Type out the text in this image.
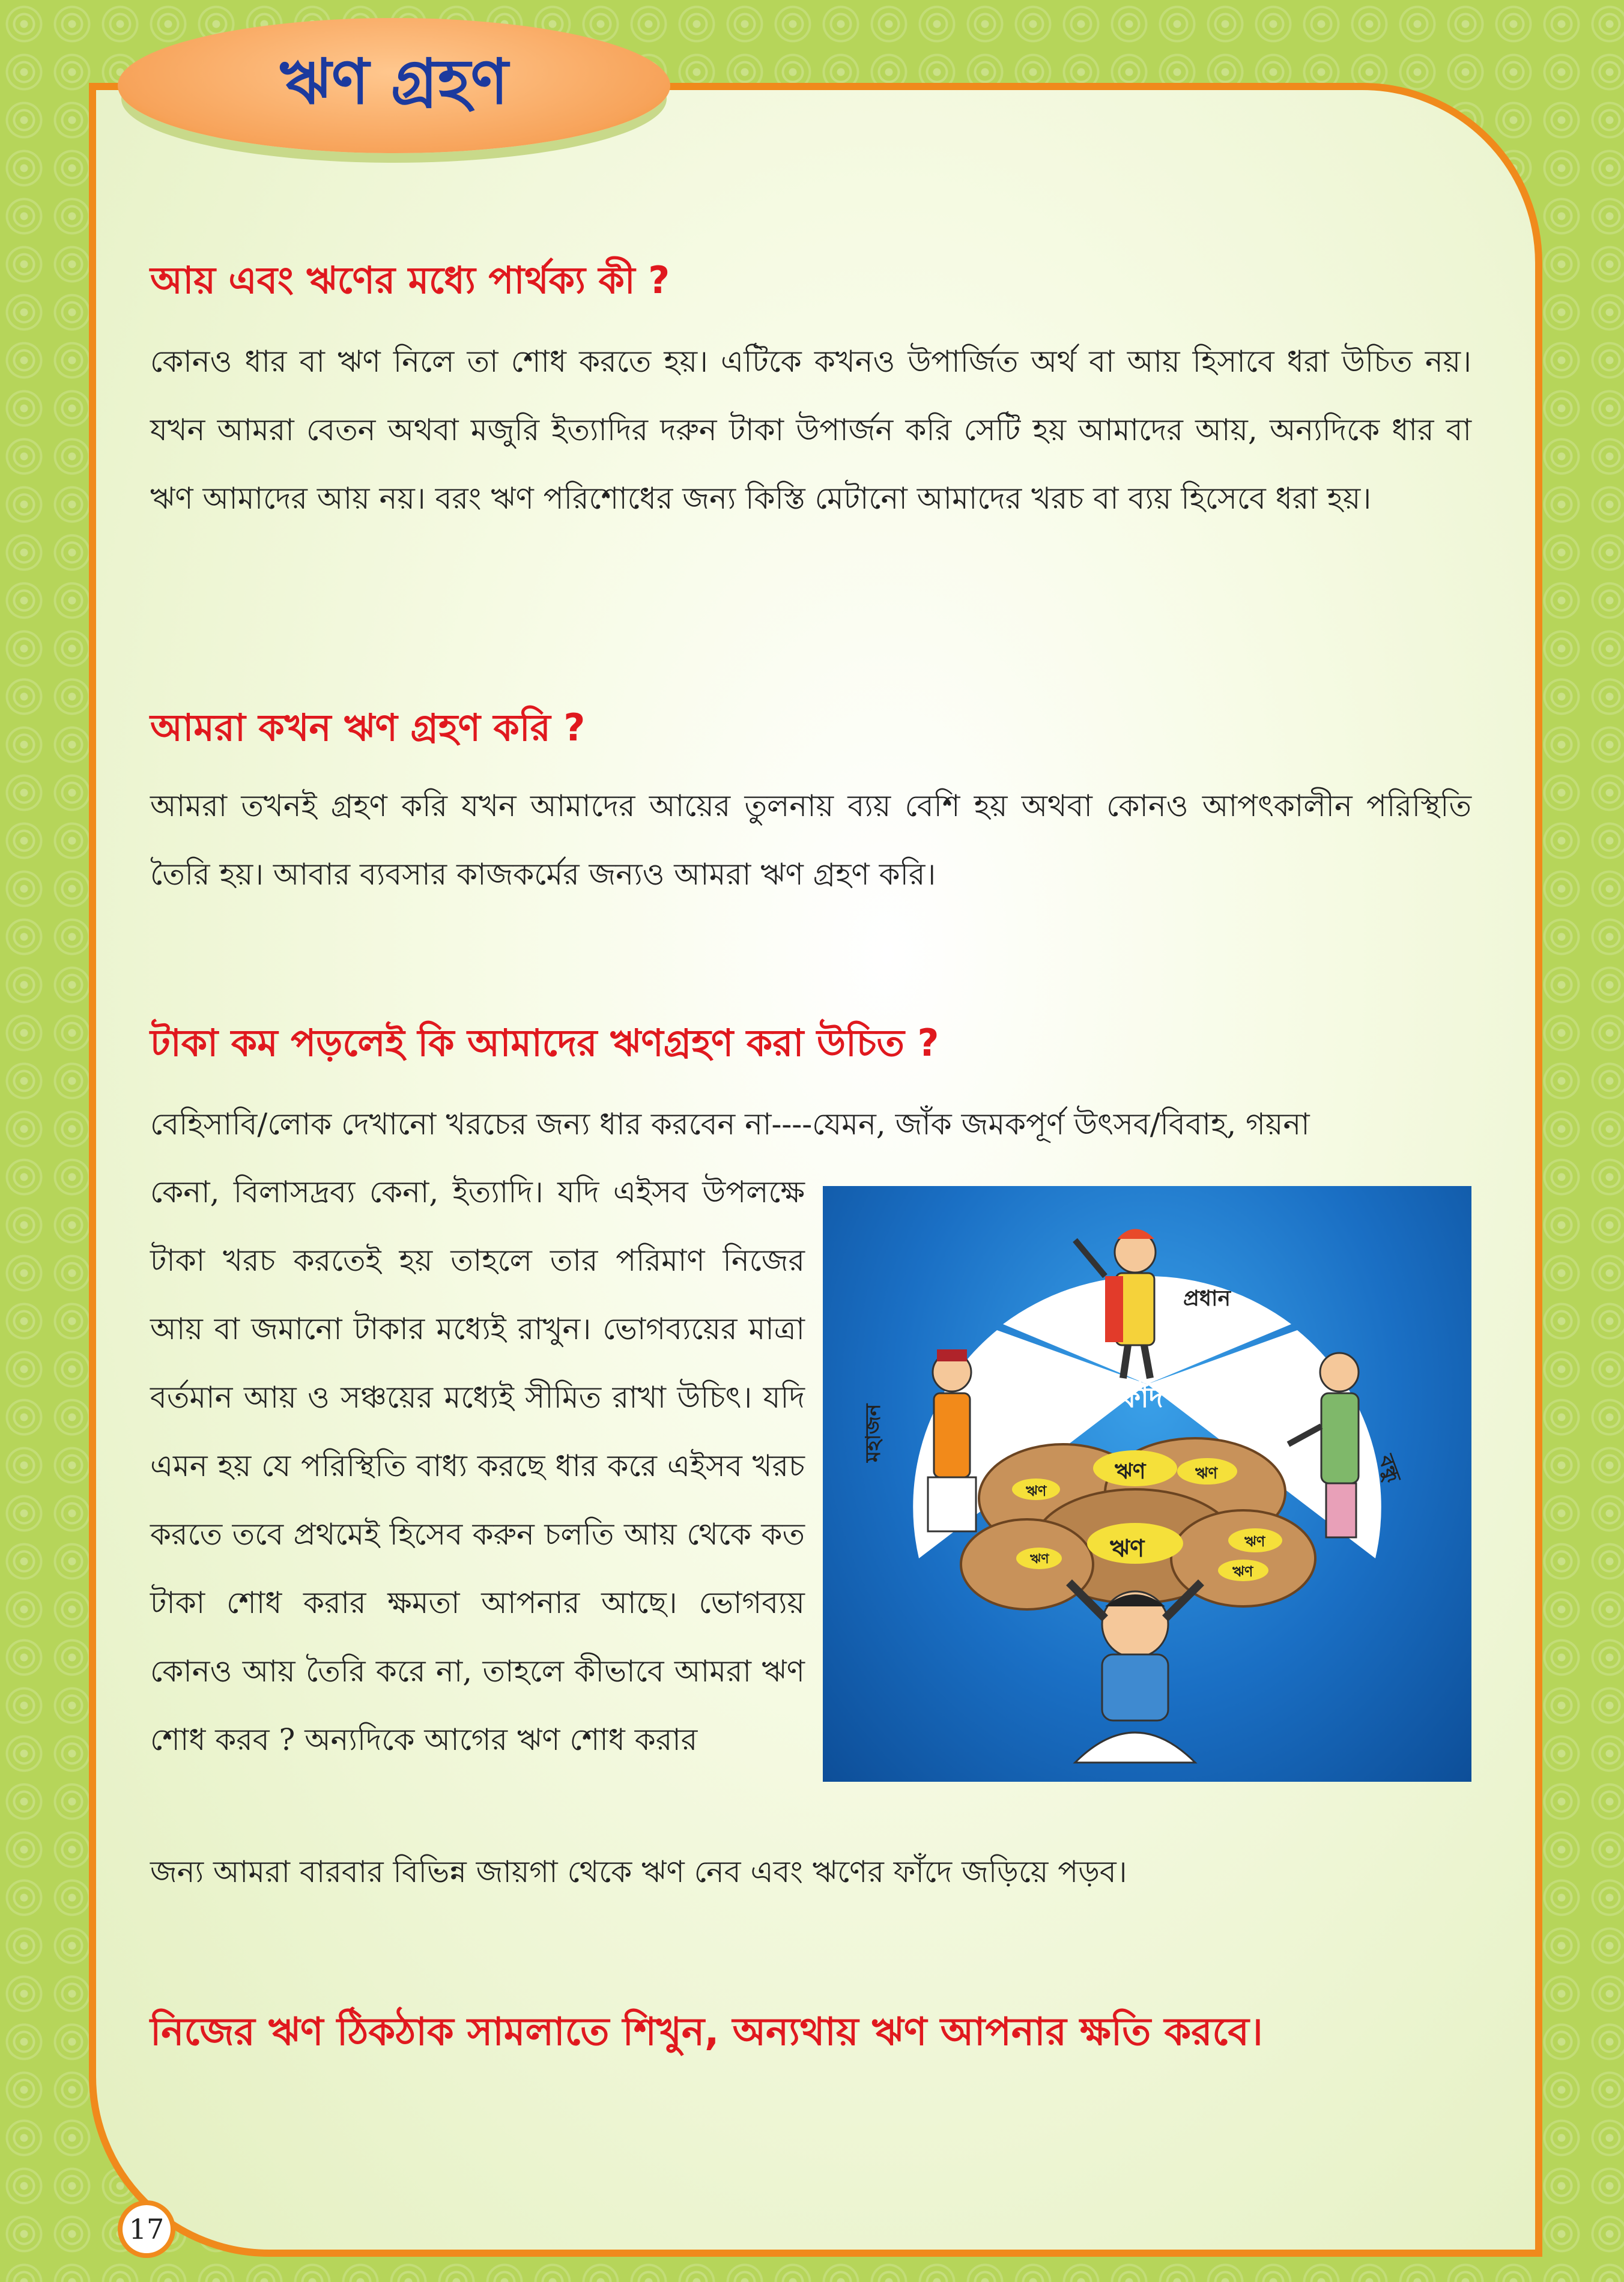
ঋণ গ্রহণ
আয় এবং ঋণের মধ্যে পার্থক্য কী ?

কোনও ধার বা ঋণ নিলে তা শোধ করতে হয়। এটিকে কখনও উপার্জিত অর্থ বা আয় হিসাবে ধরা উচিত নয়। যখন আমরা বেতন অথবা মজুরি ইত্যাদির দরুন টাকা উপার্জন করি সেটি হয় আমাদের আয়, অন্যদিকে ধার বা ঋণ আমাদের আয় নয়। বরং ঋণ পরিশোধের জন্য কিস্তি মেটানো আমাদের খরচ বা ব্যয় হিসেবে ধরা হয়।

আমরা কখন ঋণ গ্রহণ করি ?

আমরা তখনই গ্রহণ করি যখন আমাদের আয়ের তুলনায় ব্যয় বেশি হয় অথবা কোনও আপৎকালীন পরিস্থিতি তৈরি হয়। আবার ব্যবসার কাজকর্মের জন্যও আমরা ঋণ গ্রহণ করি।

টাকা কম পড়লেই কি আমাদের ঋণগ্রহণ করা উচিত ?

বেহিসাবি/লোক দেখানো খরচের জন্য ধার করবেন না----যেমন, জাঁক জমকপূর্ণ উৎসব/বিবাহ, গয়না

কেনা, বিলাসদ্রব্য কেনা, ইত্যাদি। যদি এইসব উপলক্ষে টাকা খরচ করতেই হয় তাহলে তার পরিমাণ নিজের আয় বা জমানো টাকার মধ্যেই রাখুন। ভোগব্যয়ের মাত্রা বর্তমান আয় ও সঞ্চয়ের মধ্যেই সীমিত রাখা উচিৎ। যদি এমন হয় যে পরিস্থিতি বাধ্য করছে ধার করে এইসব খরচ করতে তবে প্রথমেই হিসেব করুন চলতি আয় থেকে কত টাকা শোধ করার ক্ষমতা আপনার আছে। ভোগব্যয় কোনও আয় তৈরি করে না, তাহলে কীভাবে আমরা ঋণ শোধ করব ? অন্যদিকে আগের ঋণ শোধ করার

জন্য আমরা বারবার বিভিন্ন জায়গা থেকে ঋণ নেব এবং ঋণের ফাঁদে জড়িয়ে পড়ব।

ঋণের ফাঁদ
ঋণ
ঋণ
ঋণ
ঋণ
ঋণ
ঋণ
ঋণ
প্রধান
মহাজন
বন্ধু

নিজের ঋণ ঠিকঠাক সামলাতে শিখুন, অন্যথায় ঋণ আপনার ক্ষতি করবে।

17
